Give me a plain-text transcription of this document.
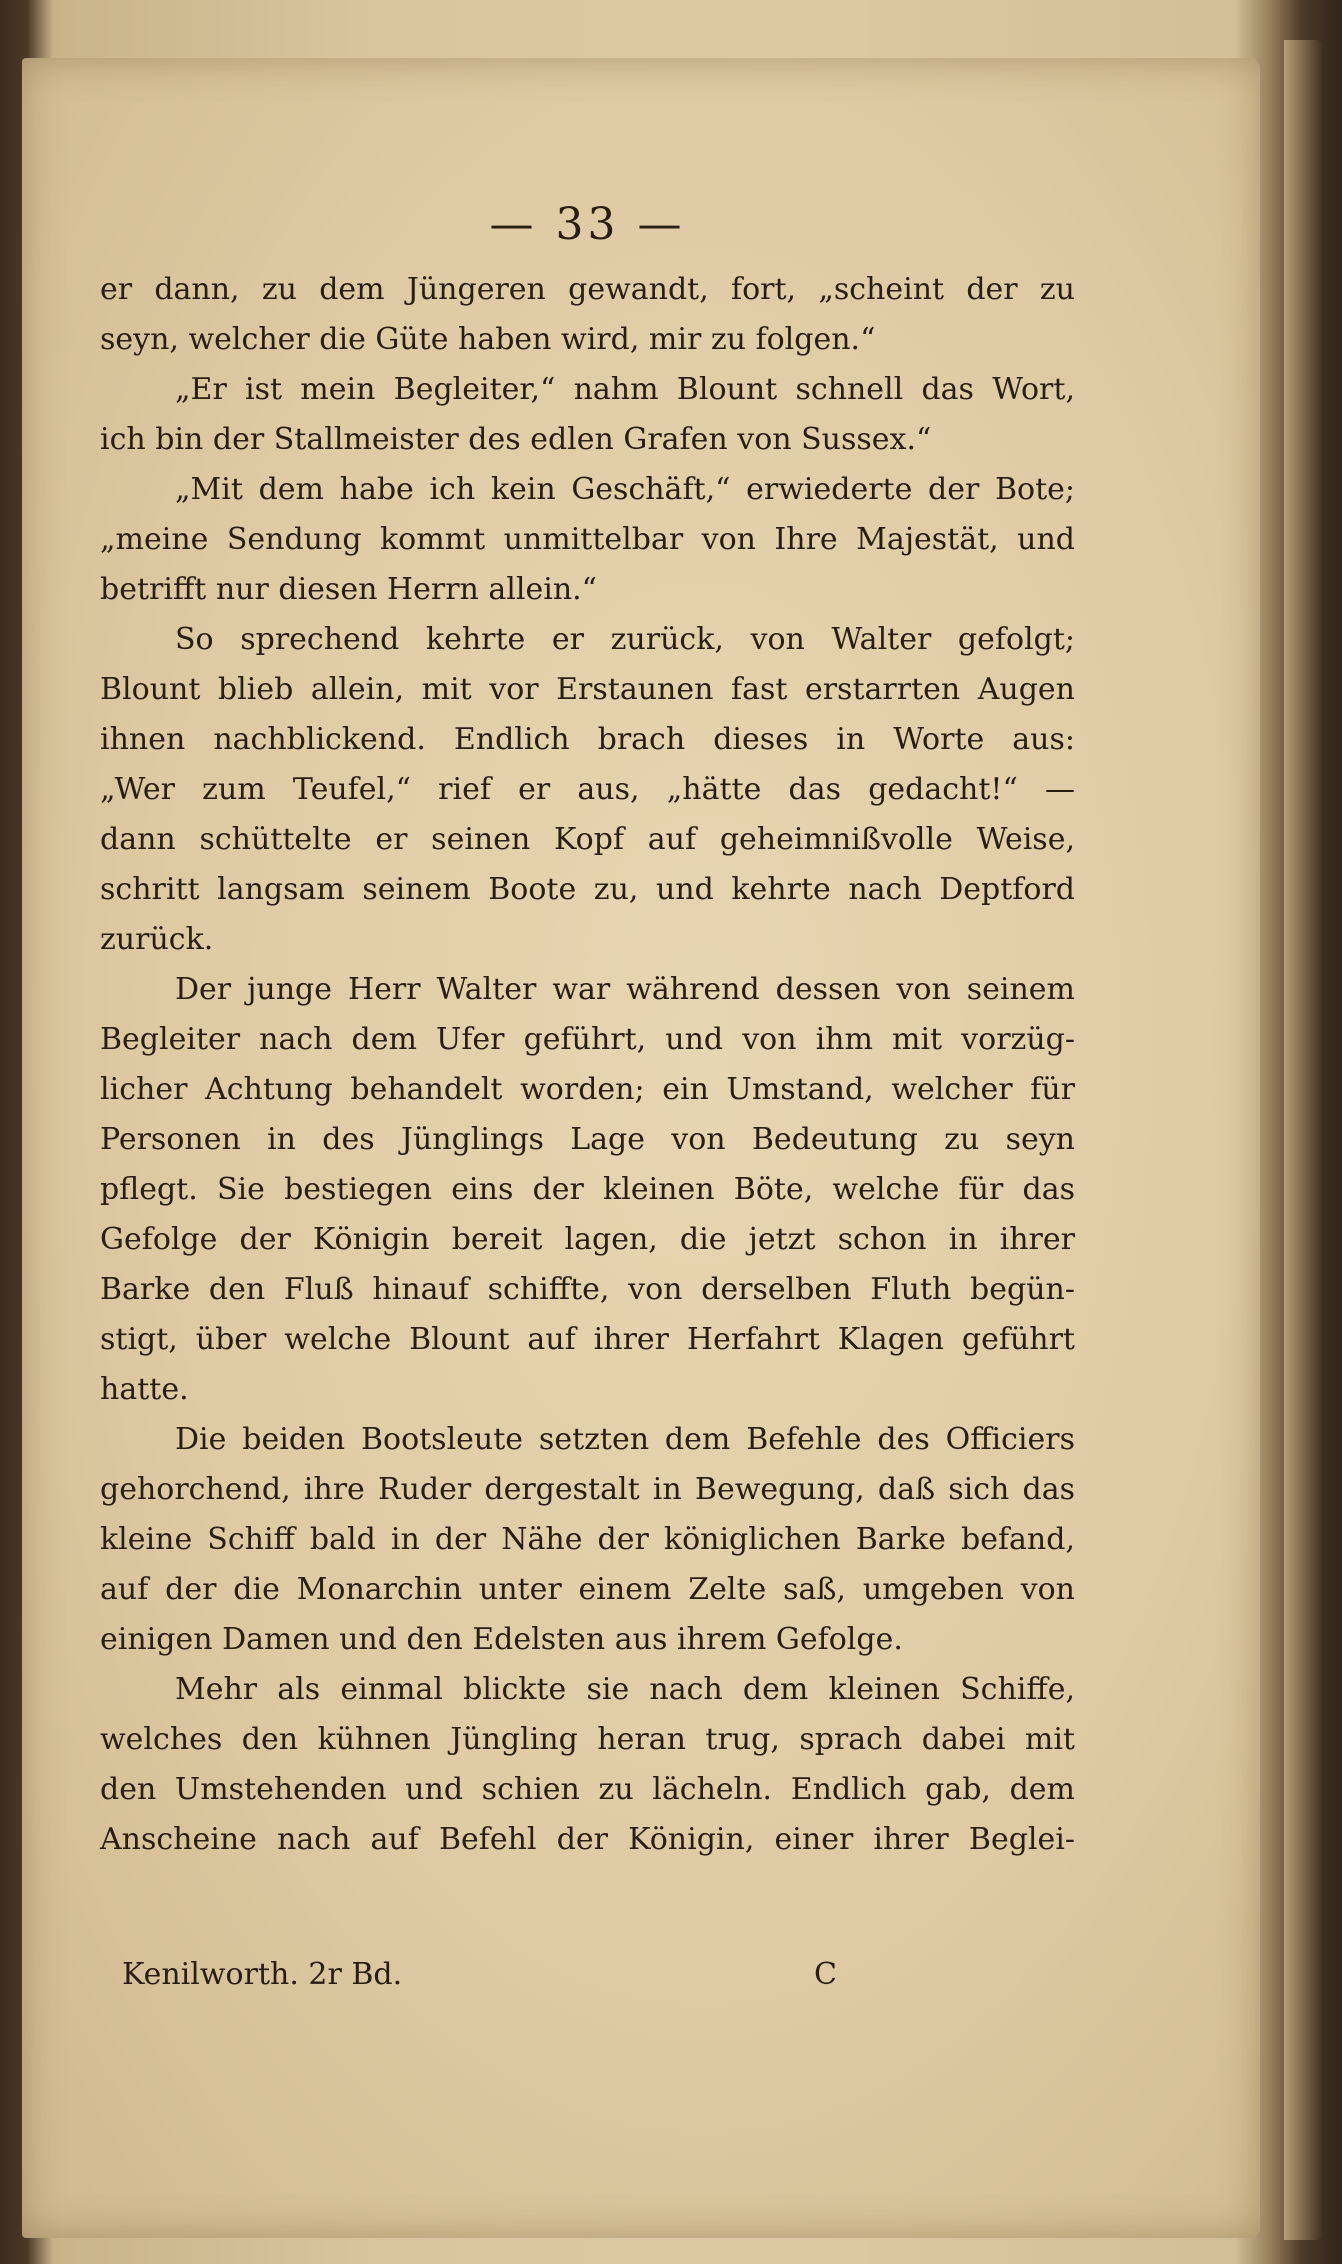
— 33 —
er dann, zu dem Jüngeren gewandt, fort, „scheint der zu
seyn, welcher die Güte haben wird, mir zu folgen.“
„Er ist mein Begleiter,“ nahm Blount schnell das Wort,
ich bin der Stallmeister des edlen Grafen von Sussex.“
„Mit dem habe ich kein Geschäft,“ erwiederte der Bote;
„meine Sendung kommt unmittelbar von Ihre Majestät, und
betrifft nur diesen Herrn allein.“
So sprechend kehrte er zurück, von Walter gefolgt;
Blount blieb allein, mit vor Erstaunen fast erstarrten Augen
ihnen nachblickend. Endlich brach dieses in Worte aus:
„Wer zum Teufel,“ rief er aus, „hätte das gedacht!“ —
dann schüttelte er seinen Kopf auf geheimnißvolle Weise,
schritt langsam seinem Boote zu, und kehrte nach Deptford
zurück.
Der junge Herr Walter war während dessen von seinem
Begleiter nach dem Ufer geführt, und von ihm mit vorzüg-
licher Achtung behandelt worden; ein Umstand, welcher für
Personen in des Jünglings Lage von Bedeutung zu seyn
pflegt. Sie bestiegen eins der kleinen Böte, welche für das
Gefolge der Königin bereit lagen, die jetzt schon in ihrer
Barke den Fluß hinauf schiffte, von derselben Fluth begün-
stigt, über welche Blount auf ihrer Herfahrt Klagen geführt
hatte.
Die beiden Bootsleute setzten dem Befehle des Officiers
gehorchend, ihre Ruder dergestalt in Bewegung, daß sich das
kleine Schiff bald in der Nähe der königlichen Barke befand,
auf der die Monarchin unter einem Zelte saß, umgeben von
einigen Damen und den Edelsten aus ihrem Gefolge.
Mehr als einmal blickte sie nach dem kleinen Schiffe,
welches den kühnen Jüngling heran trug, sprach dabei mit
den Umstehenden und schien zu lächeln. Endlich gab, dem
Anscheine nach auf Befehl der Königin, einer ihrer Beglei-
Kenilworth. 2r Bd.	C
